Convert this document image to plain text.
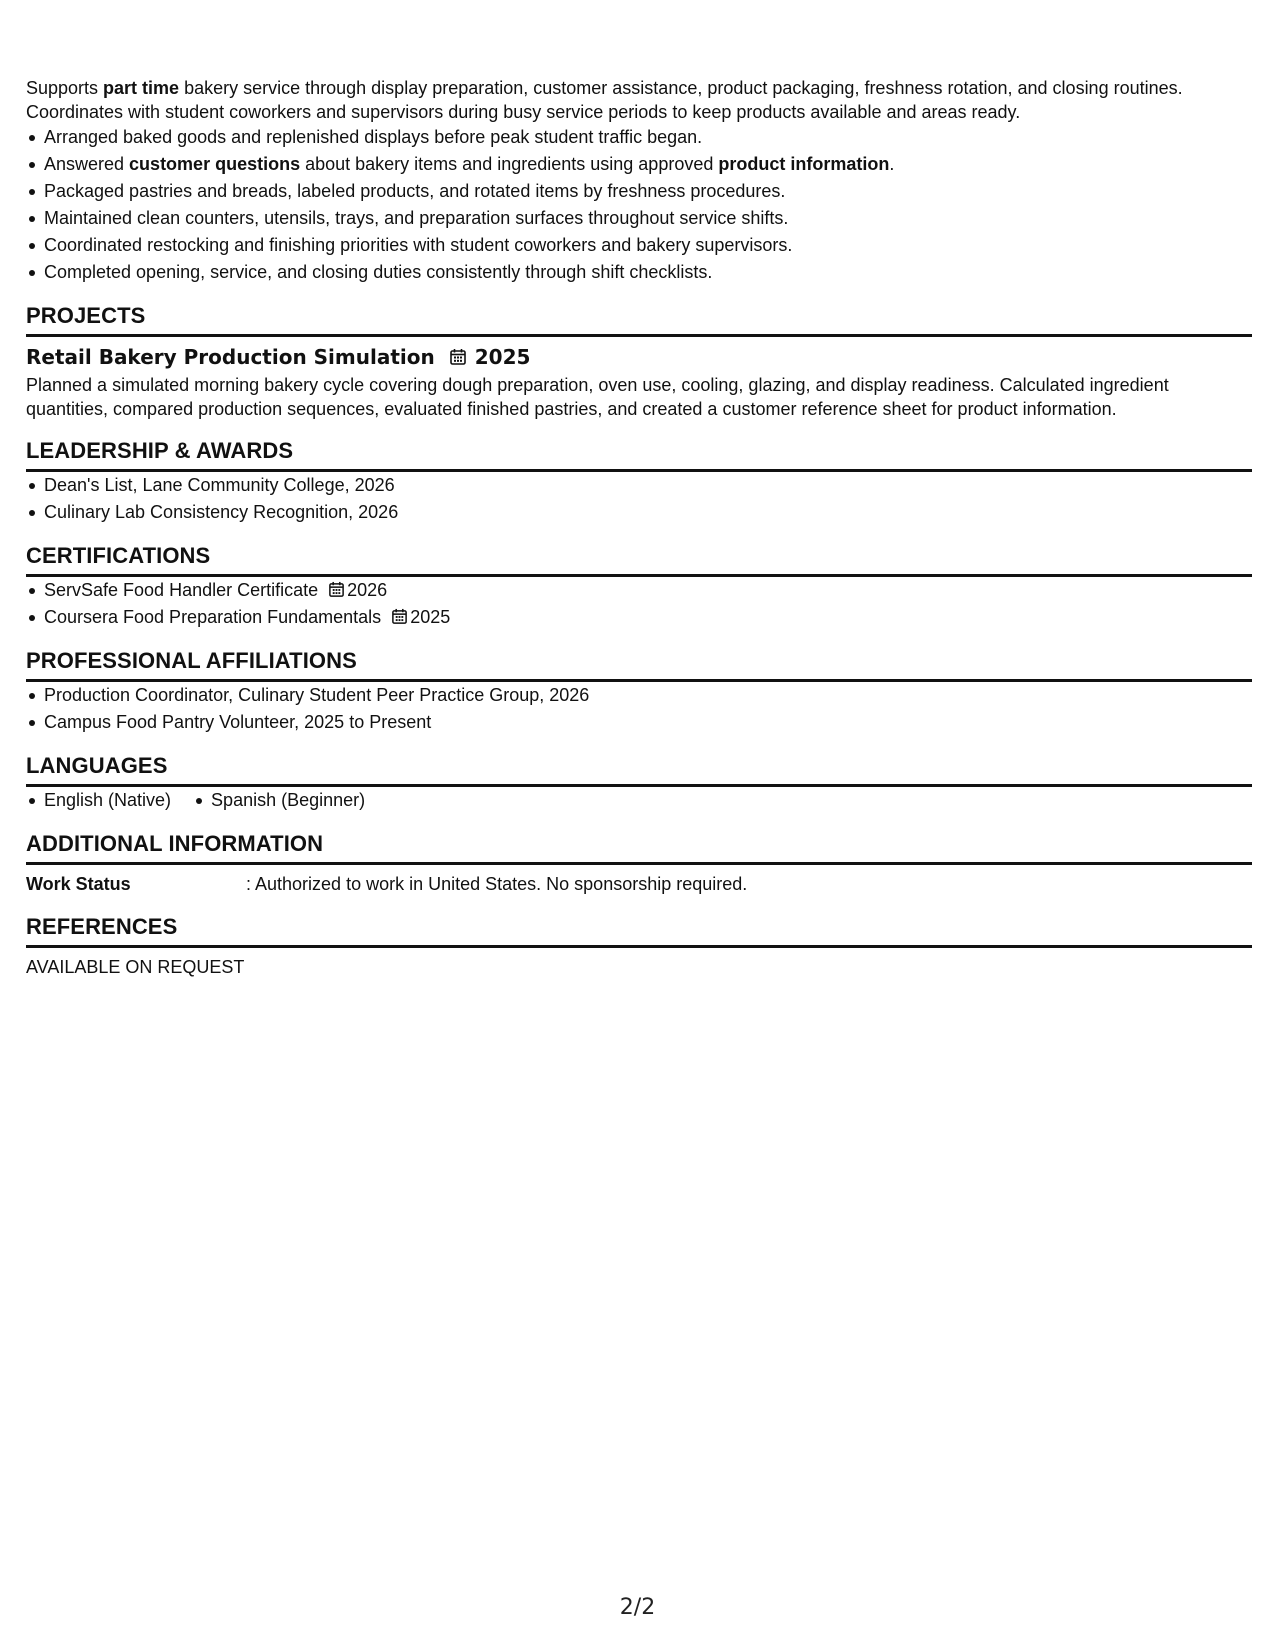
Supports part time bakery service through display preparation, customer assistance, product packaging, freshness rotation, and closing routines.

Coordinates with student coworkers and supervisors during busy service periods to keep products available and areas ready.

Arranged baked goods and replenished displays before peak student traffic began.
Answered customer questions about bakery items and ingredients using approved product information.
Packaged pastries and breads, labeled products, and rotated items by freshness procedures.
Maintained clean counters, utensils, trays, and preparation surfaces throughout service shifts.
Coordinated restocking and finishing priorities with student coworkers and bakery supervisors.
Completed opening, service, and closing duties consistently through shift checklists.
PROJECTS
Retail Bakery Production Simulation 2025

Planned a simulated morning bakery cycle covering dough preparation, oven use, cooling, glazing, and display readiness. Calculated ingredient quantities, compared production sequences, evaluated finished pastries, and created a customer reference sheet for product information.

LEADERSHIP & AWARDS
Dean's List, Lane Community College, 2026
Culinary Lab Consistency Recognition, 2026
CERTIFICATIONS
ServSafe Food Handler Certificate 2026
Coursera Food Preparation Fundamentals 2025
PROFESSIONAL AFFILIATIONS
Production Coordinator, Culinary Student Peer Practice Group, 2026
Campus Food Pantry Volunteer, 2025 to Present
LANGUAGES
English (Native)	Spanish (Beginner)
ADDITIONAL INFORMATION
Work Status	: Authorized to work in United States. No sponsorship required.
REFERENCES
AVAILABLE ON REQUEST
2/2
